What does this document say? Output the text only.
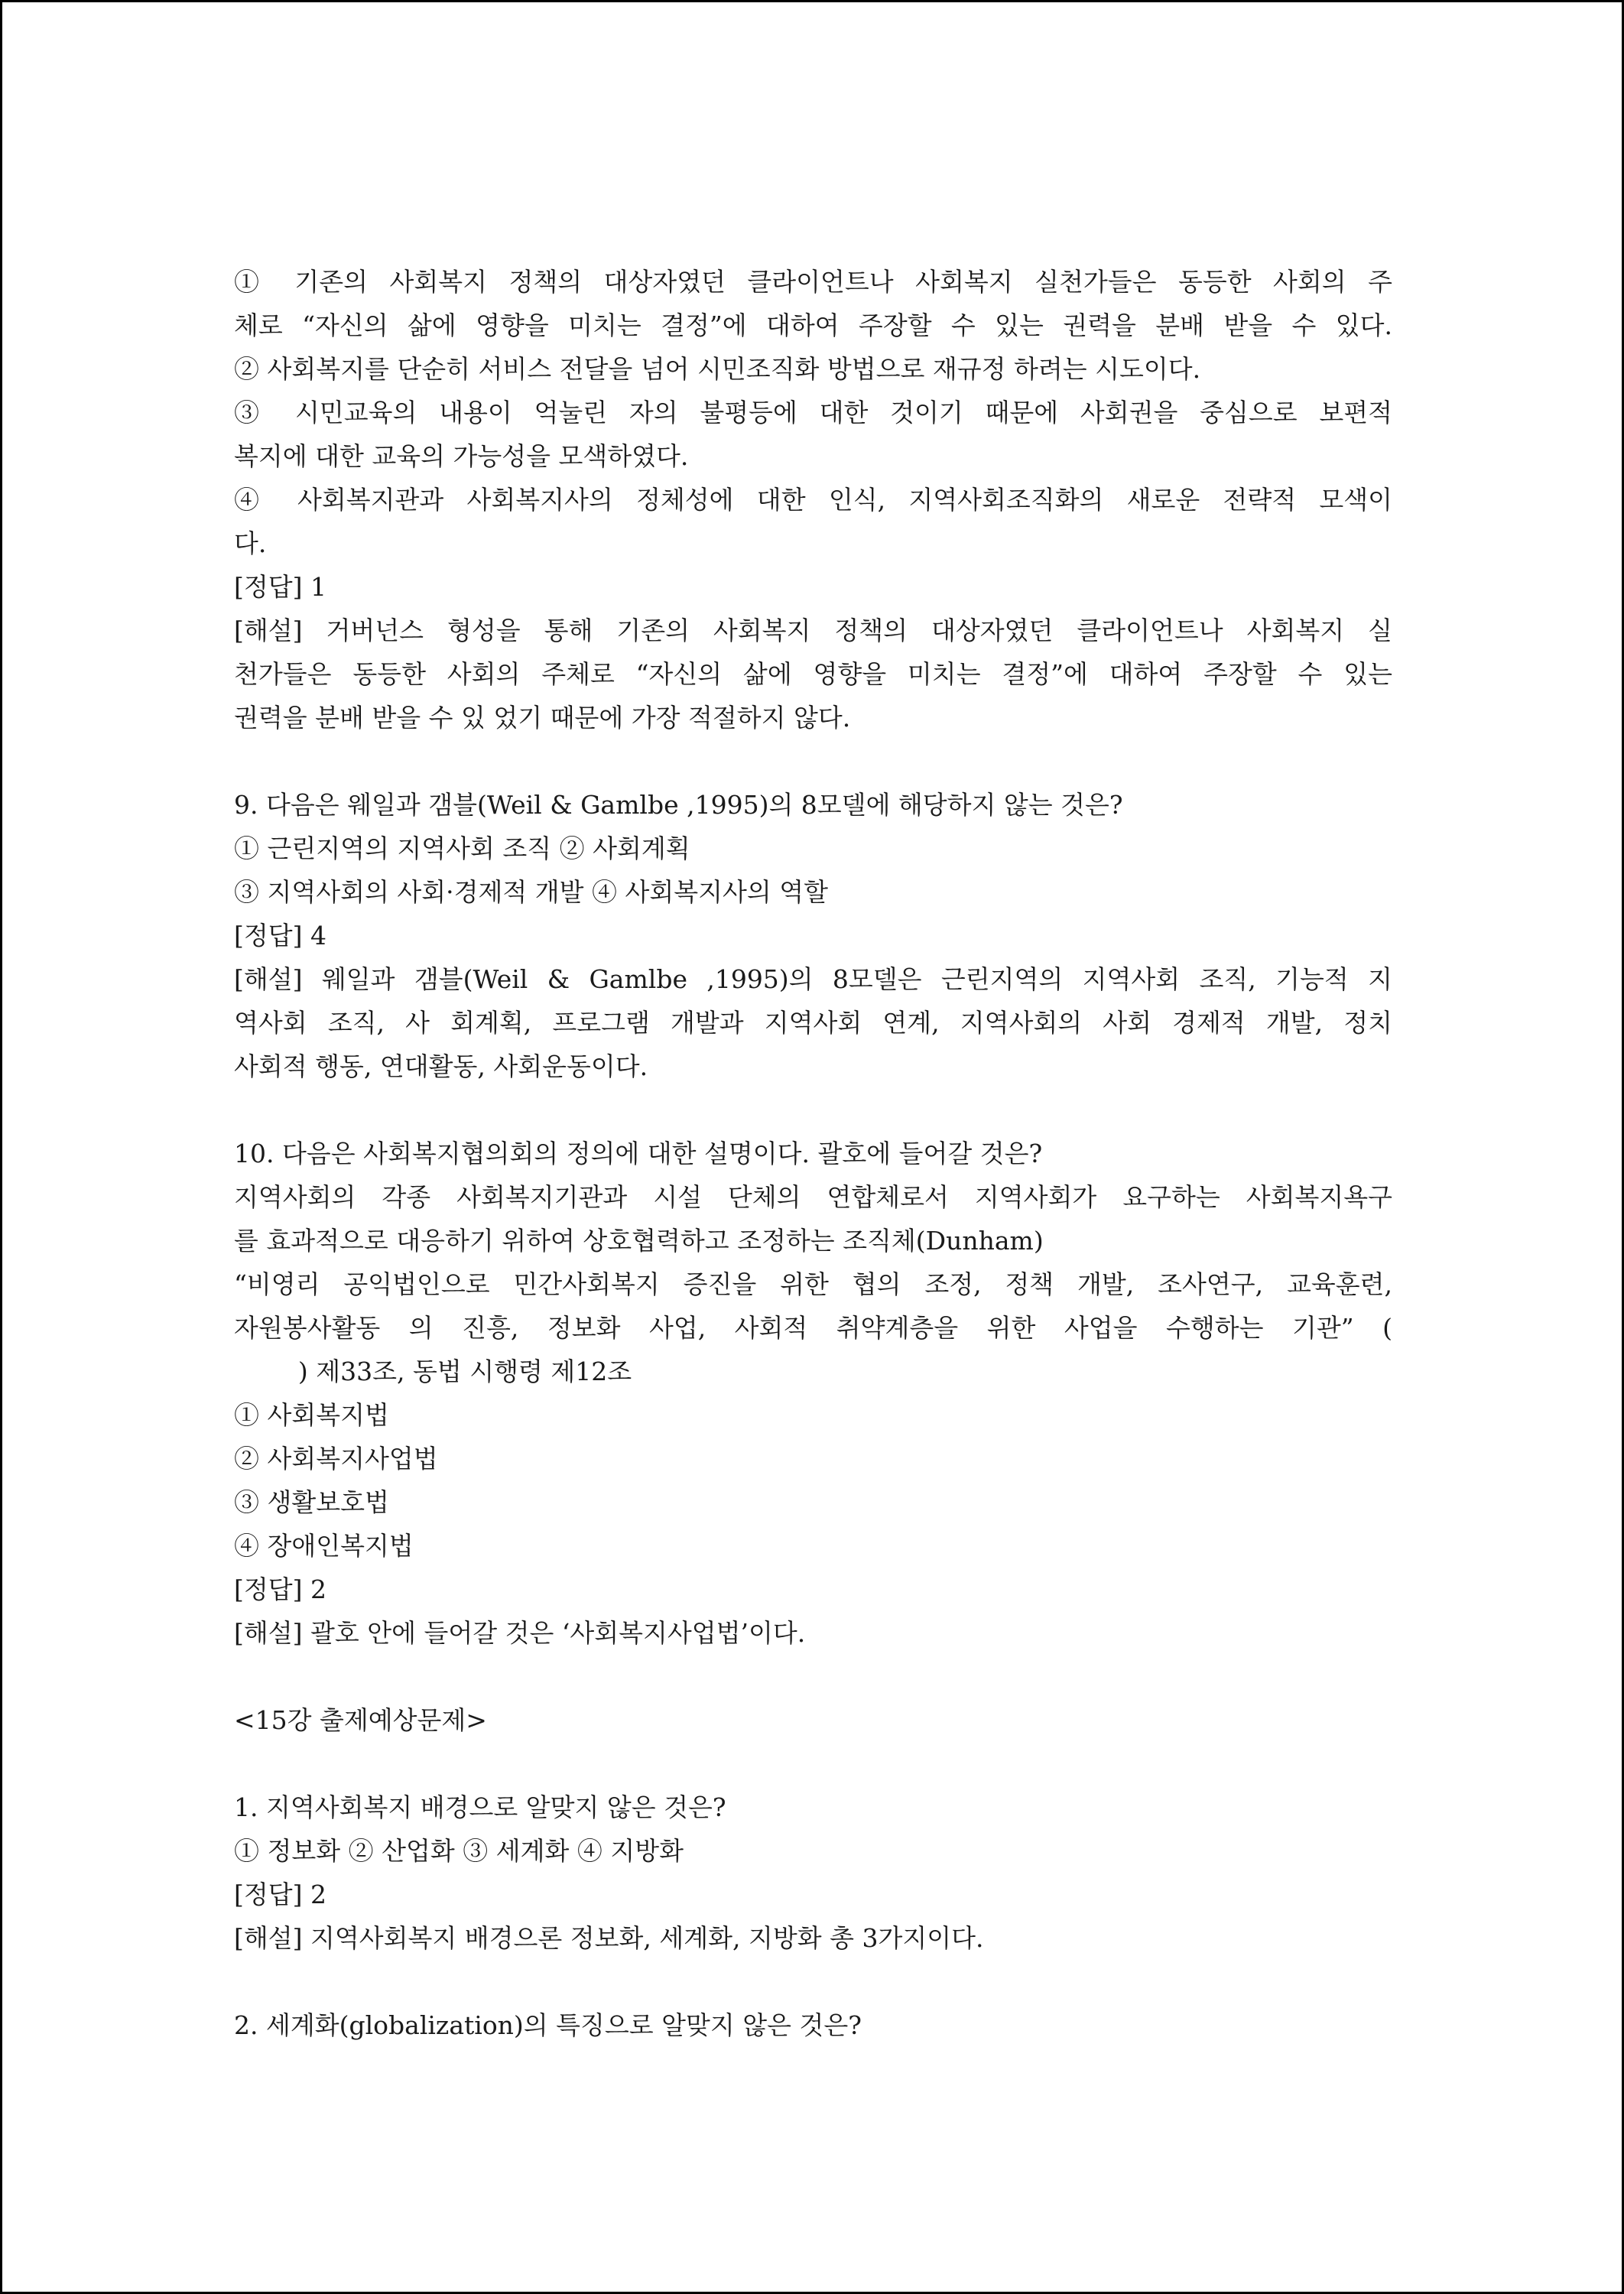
① 기존의 사회복지 정책의 대상자였던 클라이언트나 사회복지 실천가들은 동등한 사회의 주
체로 “자신의 삶에 영향을 미치는 결정”에 대하여 주장할 수 있는 권력을 분배 받을 수 있다.
② 사회복지를 단순히 서비스 전달을 넘어 시민조직화 방법으로 재규정 하려는 시도이다.
③ 시민교육의 내용이 억눌린 자의 불평등에 대한 것이기 때문에 사회권을 중심으로 보편적
복지에 대한 교육의 가능성을 모색하였다.
④ 사회복지관과 사회복지사의 정체성에 대한 인식, 지역사회조직화의 새로운 전략적 모색이
다.
[정답] 1
[해설] 거버넌스 형성을 통해 기존의 사회복지 정책의 대상자였던 클라이언트나 사회복지 실
천가들은 동등한 사회의 주체로 “자신의 삶에 영향을 미치는 결정”에 대하여 주장할 수 있는
권력을 분배 받을 수 있 었기 때문에 가장 적절하지 않다.
9. 다음은 웨일과 갬블(Weil & Gamlbe ,1995)의 8모델에 해당하지 않는 것은?
① 근린지역의 지역사회 조직 ② 사회계획
③ 지역사회의 사회·경제적 개발 ④ 사회복지사의 역할
[정답] 4
[해설] 웨일과 갬블(Weil & Gamlbe ,1995)의 8모델은 근린지역의 지역사회 조직, 기능적 지
역사회 조직, 사 회계획, 프로그램 개발과 지역사회 연계, 지역사회의 사회 경제적 개발, 정치
사회적 행동, 연대활동, 사회운동이다.
10. 다음은 사회복지협의회의 정의에 대한 설명이다. 괄호에 들어갈 것은?
지역사회의 각종 사회복지기관과 시설 단체의 연합체로서 지역사회가 요구하는 사회복지욕구
를 효과적으로 대응하기 위하여 상호협력하고 조정하는 조직체(Dunham)
“비영리 공익법인으로 민간사회복지 증진을 위한 협의 조정, 정책 개발, 조사연구, 교육훈련,
자원봉사활동 의 진흥, 정보화 사업, 사회적 취약계층을 위한 사업을 수행하는 기관” (
) 제33조, 동법 시행령 제12조
① 사회복지법
② 사회복지사업법
③ 생활보호법
④ 장애인복지법
[정답] 2
[해설] 괄호 안에 들어갈 것은 ‘사회복지사업법’이다.
<15강 출제예상문제>
1. 지역사회복지 배경으로 알맞지 않은 것은?
① 정보화 ② 산업화 ③ 세계화 ④ 지방화
[정답] 2
[해설] 지역사회복지 배경으론 정보화, 세계화, 지방화 총 3가지이다.
2. 세계화(globalization)의 특징으로 알맞지 않은 것은?
